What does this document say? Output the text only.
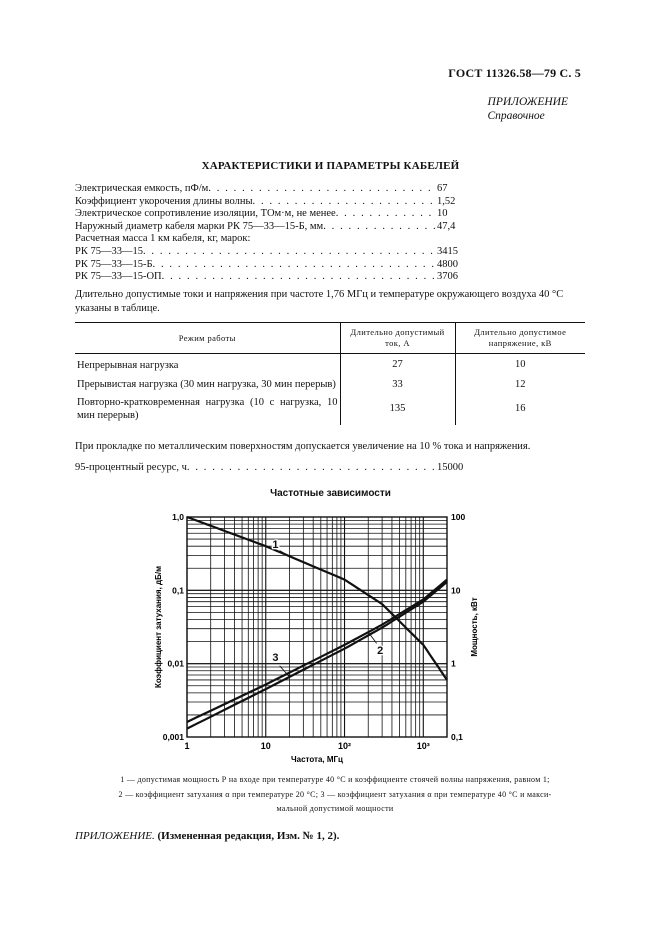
ГОСТ 11326.58—79 С. 5
ПРИЛОЖЕНИЕ
Справочное
ХАРАКТЕРИСТИКИ И ПАРАМЕТРЫ КАБЕЛЕЙ
Электрическая емкость, пФ/м . . .	67
Коэффициент укорочения длины волны . . .	1,52
Электрическое сопротивление изоляции, ТОм·м, не менее . . .	10
Наружный диаметр кабеля марки РК 75—33—15-Б, мм . . .	47,4
Расчетная масса 1 км кабеля, кг, марок:
РК 75—33—15 . . .	3415
РК 75—33—15-Б . . .	4800
РК 75—33—15-ОП . . .	3706
Длительно допустимые токи и напряжения при частоте 1,76 МГц и температуре окружающего воздуха 40 °С указаны в таблице.
Режим работы	Длительно допустимый ток, А	Длительно допустимое напряжение, кВ
Непрерывная нагрузка	27	10
Прерывистая нагрузка (30 мин нагрузка, 30 мин перерыв)	33	12
Повторно-кратковременная нагрузка (10 с нагрузка, 10 мин перерыв)	135	16
При прокладке по металлическим поверхностям допускается увеличение на 10 % тока и напряжения.
95-процентный ресурс, ч . . .	15000
Частотные зависимости
1	10	10²	10³
0,001
0,01
0,1
1,0
0,1
1
10
100
Частота, МГц
Коэффициент затухания, дБ/м	Мощность, кВт
1
2
3
1 — допустимая мощность Р на входе при температуре 40 °С и коэффициенте стоячей волны напряжения, равном 1;
2 — коэффициент затухания α при температуре 20 °С; 3 — коэффициент затухания α при температуре 40 °С и макси-
мальной допустимой мощности
ПРИЛОЖЕНИЕ. (Измененная редакция, Изм. № 1, 2).
